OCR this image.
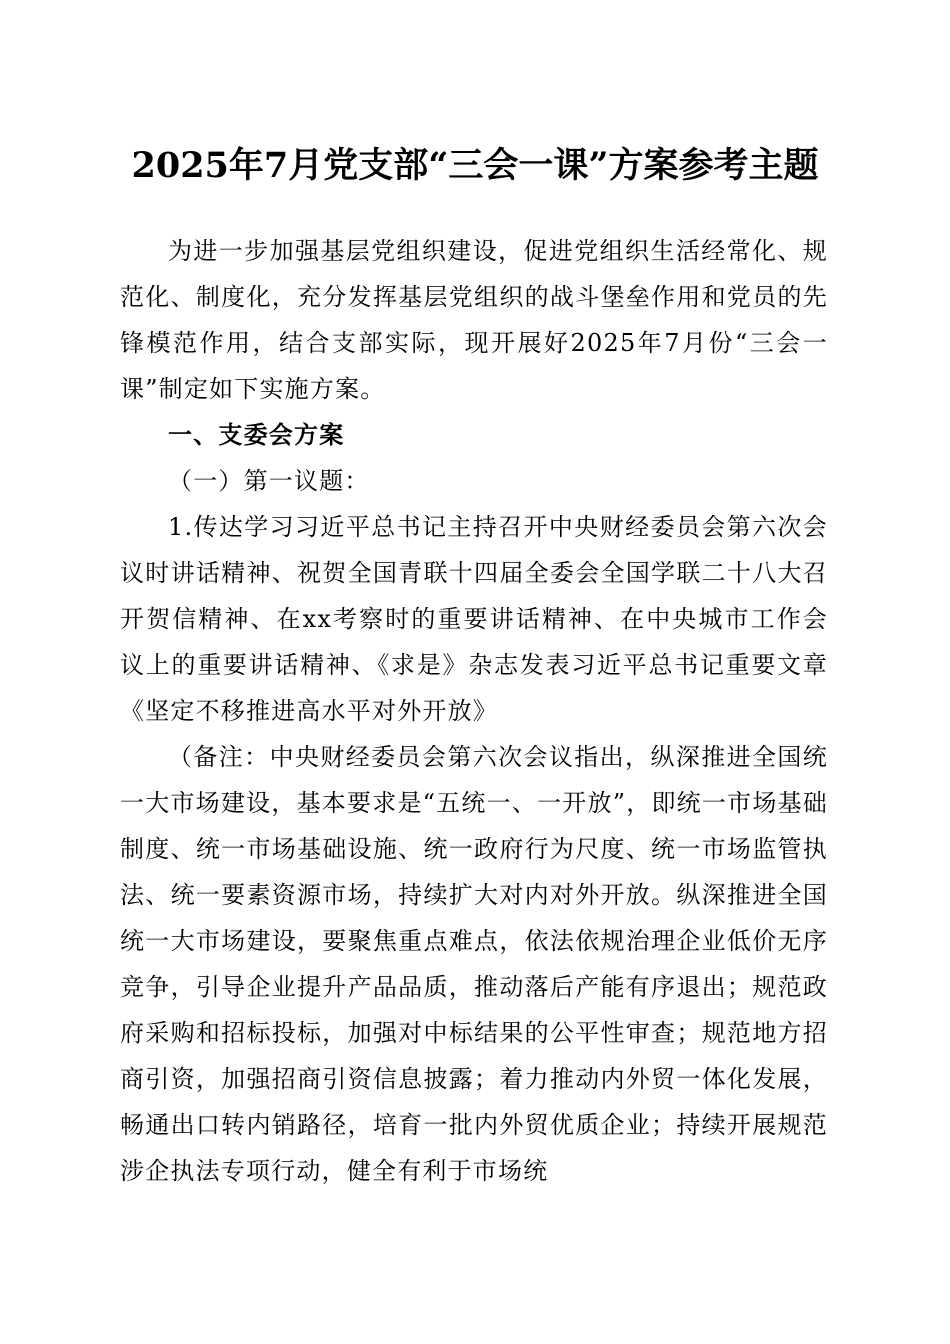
2025年7月党支部“三会一课”方案参考主题

为进一步加强基层党组织建设，促进党组织生活经常化、规范化、制度化，充分发挥基层党组织的战斗堡垒作用和党员的先锋模范作用，结合支部实际，现开展好2025年7月份“三会一课”制定如下实施方案。

一、支委会方案

（一）第一议题：

1.传达学习习近平总书记主持召开中央财经委员会第六次会议时讲话精神、祝贺全国青联十四届全委会全国学联二十八大召开贺信精神、在xx考察时的重要讲话精神、在中央城市工作会议上的重要讲话精神、《求是》杂志发表习近平总书记重要文章《坚定不移推进高水平对外开放》

（备注：中央财经委员会第六次会议指出，纵深推进全国统一大市场建设，基本要求是“五统一、一开放”，即统一市场基础制度、统一市场基础设施、统一政府行为尺度、统一市场监管执法、统一要素资源市场，持续扩大对内对外开放。纵深推进全国统一大市场建设，要聚焦重点难点，依法依规治理企业低价无序竞争，引导企业提升产品品质，推动落后产能有序退出；规范政府采购和招标投标，加强对中标结果的公平性审查；规范地方招商引资，加强招商引资信息披露；着力推动内外贸一体化发展，畅通出口转内销路径，培育一批内外贸优质企业；持续开展规范涉企执法专项行动，健全有利于市场统
